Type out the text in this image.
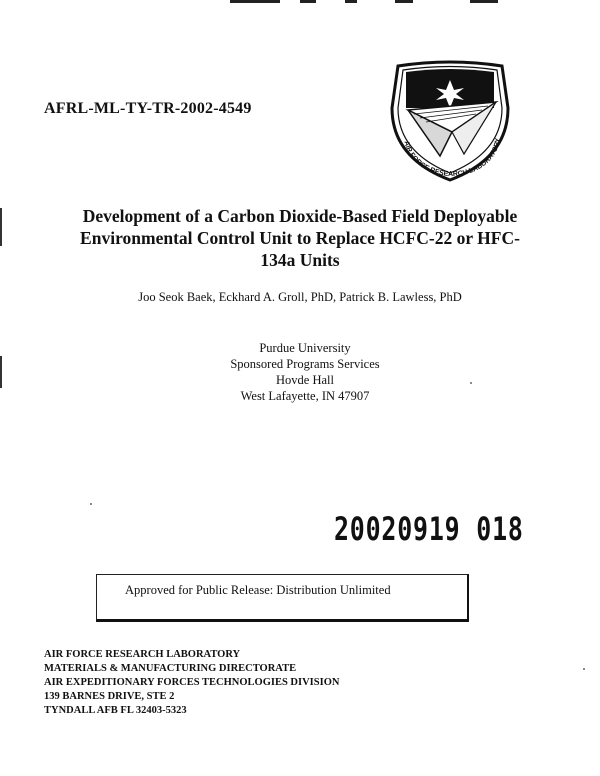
AFRL-ML-TY-TR-2002-4549
AIR FORCE RESEARCH LABORATORY
Development of a Carbon Dioxide-Based Field Deployable
Environmental Control Unit to Replace HCFC-22 or HFC-
134a Units
Joo Seok Baek, Eckhard A. Groll, PhD, Patrick B. Lawless, PhD
Purdue University
Sponsored Programs Services
Hovde Hall
West Lafayette, IN 47907
20020919 018
Approved for Public Release: Distribution Unlimited
AIR FORCE RESEARCH LABORATORY
MATERIALS & MANUFACTURING DIRECTORATE
AIR EXPEDITIONARY FORCES TECHNOLOGIES DIVISION
139 BARNES DRIVE, STE 2
TYNDALL AFB FL 32403-5323
